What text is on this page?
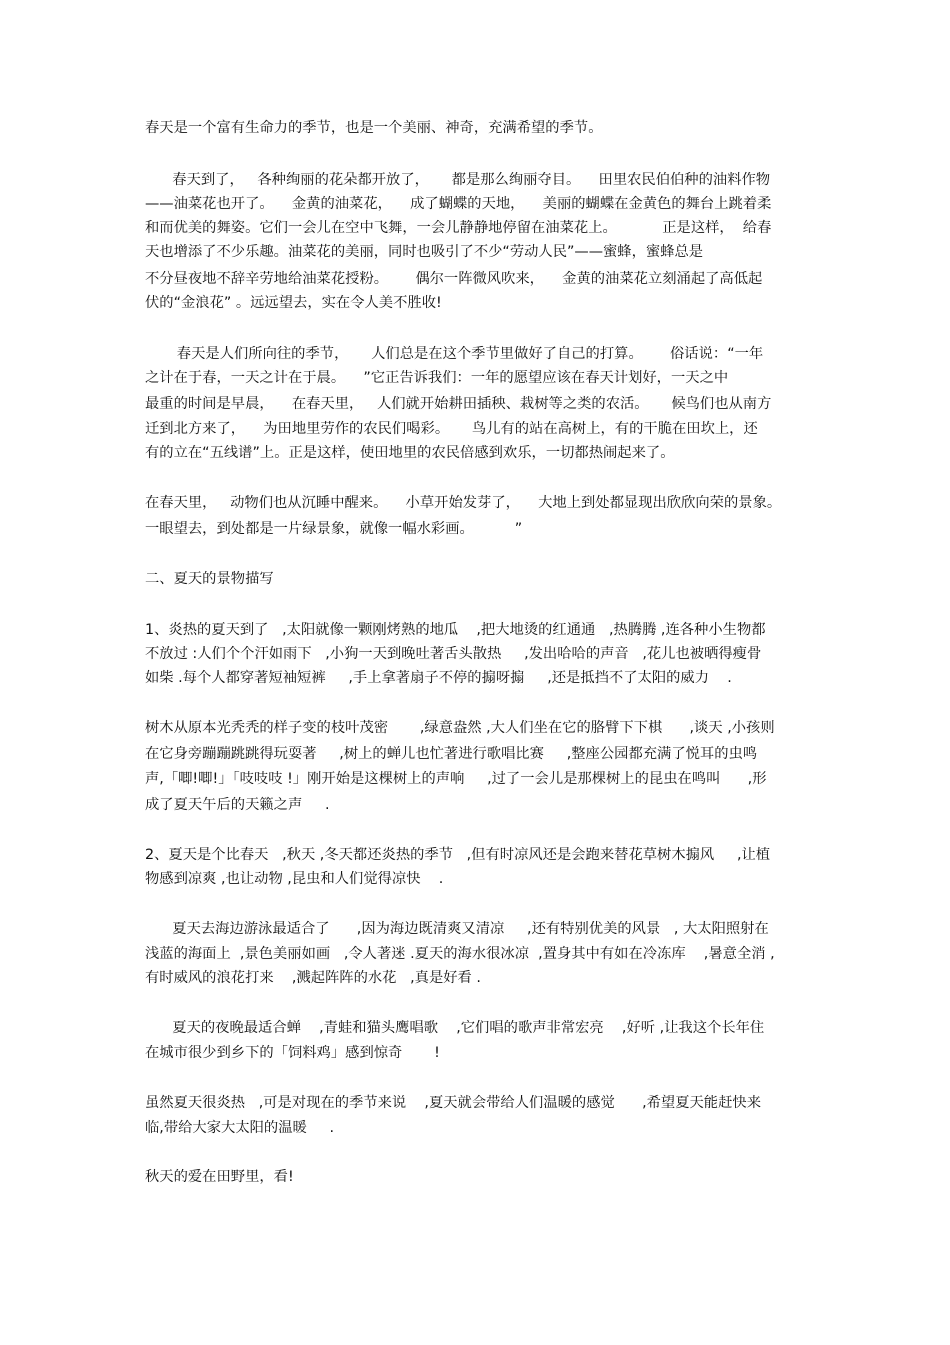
春天是一个富有生命力的季节，也是一个美丽、神奇，充满希望的季节。
春天到了，   各种绚丽的花朵都开放了，     都是那么绚丽夺目。    田里农民伯伯种的油料作物
——油菜花也开了。    金黄的油菜花，    成了蝴蝶的天地，    美丽的蝴蝶在金黄色的舞台上跳着柔
和而优美的舞姿。它们一会儿在空中飞舞，一会儿静静地停留在油菜花上。          正是这样，  给春
天也增添了不少乐趣。油菜花的美丽，同时也吸引了不少“劳动人民”——蜜蜂，蜜蜂总是
不分昼夜地不辞辛劳地给油菜花授粉。      偶尔一阵微风吹来，    金黄的油菜花立刻涌起了高低起
伏的“金浪花” 。远远望去，实在令人美不胜收!
春天是人们所向往的季节，     人们总是在这个季节里做好了自己的打算。      俗话说：“一年
之计在于春，一天之计在于晨。    ”它正告诉我们：一年的愿望应该在春天计划好，一天之中
最重的时间是早晨，    在春天里，   人们就开始耕田插秧、栽树等之类的农活。     候鸟们也从南方
迁到北方来了，    为田地里劳作的农民们喝彩。     鸟儿有的站在高树上，有的干脆在田坎上，还
有的立在“五线谱”上。正是这样，使田地里的农民倍感到欢乐，一切都热闹起来了。
在春天里，   动物们也从沉睡中醒来。    小草开始发芽了，    大地上到处都显现出欣欣向荣的景象。
一眼望去，到处都是一片绿景象，就像一幅水彩画。         ”
二、夏天的景物描写
1、炎热的夏天到了   ,太阳就像一颗刚烤熟的地瓜    ,把大地烫的红通通   ,热腾腾 ,连各种小生物都
不放过 :人们个个汗如雨下   ,小狗一天到晚吐著舌头散热     ,发出哈哈的声音   ,花儿也被晒得瘦骨
如柴 .每个人都穿著短袖短裤     ,手上拿著扇子不停的搧呀搧     ,还是抵挡不了太阳的威力    .
树木从原本光秃秃的样子变的枝叶茂密       ,绿意盎然 ,大人们坐在它的胳臂下下棋      ,谈天 ,小孩则
在它身旁蹦蹦跳跳得玩耍著     ,树上的蝉儿也忙著进行歌唱比赛     ,整座公园都充满了悦耳的虫鸣
声,「唧!唧!」「吱吱吱 !」刚开始是这棵树上的声响     ,过了一会儿是那棵树上的昆虫在鸣叫      ,形
成了夏天午后的天籁之声     .
2、夏天是个比春天   ,秋天 ,冬天都还炎热的季节   ,但有时凉风还是会跑来替花草树木搧风     ,让植
物感到凉爽 ,也让动物 ,昆虫和人们觉得凉快    .
夏天去海边游泳最适合了      ,因为海边既清爽又清凉     ,还有特别优美的风景   , 大太阳照射在
浅蓝的海面上  ,景色美丽如画   ,令人著迷 .夏天的海水很冰凉  ,置身其中有如在冷冻库    ,暑意全消 ,
有时威风的浪花打来    ,溅起阵阵的水花   ,真是好看 .
夏天的夜晚最适合蝉    ,青蛙和猫头鹰唱歌    ,它们唱的歌声非常宏亮    ,好听 ,让我这个长年住
在城市很少到乡下的「饲料鸡」感到惊奇       !
虽然夏天很炎热   ,可是对现在的季节来说    ,夏天就会带给人们温暖的感觉      ,希望夏天能赶快来
临,带给大家大太阳的温暖     .
秋天的爱在田野里，看!
